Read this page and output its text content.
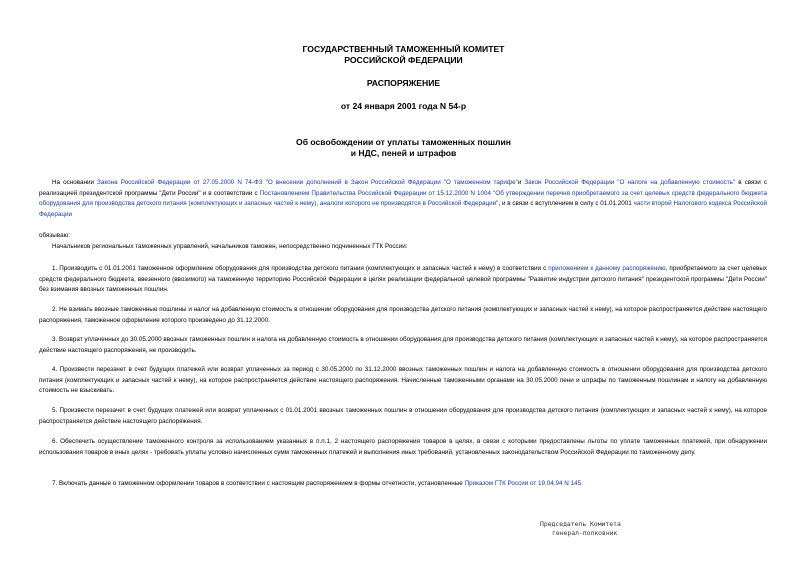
ГОСУДАРСТВЕННЫЙ ТАМОЖЕННЫЙ КОМИТЕТ
РОССИЙСКОЙ ФЕДЕРАЦИИ
РАСПОРЯЖЕНИЕ
от 24 января 2001 года N 54-р
Об освобождении от уплаты таможенных пошлин
и НДС, пеней и штрафов
На основании Закона Российской Федерации от 27.05.2000 N 74-ФЗ "О внесении дополнений в Закон Российской Федерации "О таможенном тарифе"и Закон Российской Федерации "О налоге на добавленную стоимость" в связи с реализацией президентской программы "Дети России" и в соответствии с Постановлением Правительства Российской Федерации от 15.12.2000 N 1004 "Об утверждении перечня приобретаемого за счет целевых средств федерального бюджета оборудования для производства детского питания (комплектующих и запасных частей к нему), аналоги которого не производятся в Российской Федерации", и в связи с вступлением в силу с 01.01.2001 части второй Налогового кодекса Российской Федерации
обязываю:
Начальников региональных таможенных управлений, начальников таможен, непосредственно подчиненных ГТК России:
1. Производить с 01.01.2001 таможенное оформление оборудования для производства детского питания (комплектующих и запасных частей к нему) в соответствии с приложением к данному распоряжению, приобретаемого за счет целевых средств федерального бюджета, ввезенного (ввозимого) на таможенную территорию Российской Федерации в целях реализации федеральной целевой программы "Развитие индустрии детского питания" президентской программы "Дети России" без взимания ввозных таможенных пошлин.
2. Не взимать ввозные таможенные пошлины и налог на добавленную стоимость в отношении оборудования для производства детского питания (комплектующих и запасных частей к нему), на которое распространяется действие настоящего распоряжения, таможенное оформление которого произведено до 31.12.2000.
3. Возврат уплаченных до 30.05.2000 ввозных таможенных пошлин и налога на добавленную стоимость в отношении оборудования для производства детского питания (комплектующих и запасных частей к нему), на которое распространяется действие настоящего распоряжения, не производить.
4. Произвести перезачет в счет будущих платежей или возврат уплаченных за период с 30.05.2000 по 31.12.2000 ввозных таможенных пошлин и налога на добавленную стоимость в отношении оборудования для производства детского питания (комплектующих и запасных частей к нему), на которое распространяется действие настоящего распоряжения. Начисленные таможенными органами на 30.05.2000 пени и штрафы по таможенным пошлинам и налогу на добавленную стоимость не взыскивать.
5. Произвести перезачет в счет будущих платежей или возврат уплаченных с 01.01.2001 ввозных таможенных пошлин в отношении оборудования для производства детского питания (комплектующих и запасных частей к нему), на которое распространяется действие настоящего распоряжения.
6. Обеспечить осуществление таможенного контроля за использованием указанных в п.п.1, 2 настоящего распоряжения товаров в целях, в связи с которыми предоставлены льготы по уплате таможенных платежей, при обнаружении использования товаров в иных целях - требовать уплаты условно начисленных сумм таможенных платежей и выполнения иных требований, установленных законодательством Российской Федерации по таможенному делу.
7. Включать данные о таможенном оформлении товаров в соответствии с настоящим распоряжением в формы отчетности, установленные Приказом ГТК России от 19.04.94 N 145.
Председатель Комитета
генерал-полковник
